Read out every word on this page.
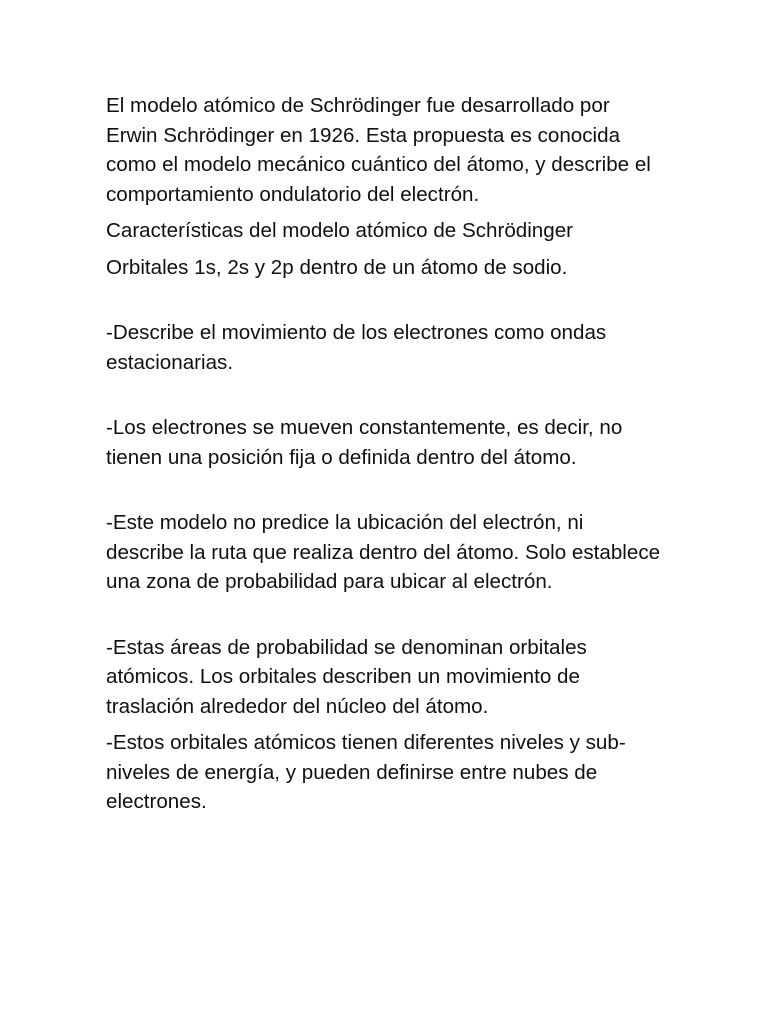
El modelo atómico de Schrödinger fue desarrollado por Erwin Schrödinger en 1926. Esta propuesta es conocida como el modelo mecánico cuántico del átomo, y describe el comportamiento ondulatorio del electrón.

Características del modelo atómico de Schrödinger

Orbitales 1s, 2s y 2p dentro de un átomo de sodio.

-Describe el movimiento de los electrones como ondas estacionarias.

-Los electrones se mueven constantemente, es decir, no tienen una posición fija o definida dentro del átomo.

-Este modelo no predice la ubicación del electrón, ni describe la ruta que realiza dentro del átomo. Solo establece una zona de probabilidad para ubicar al electrón.

-Estas áreas de probabilidad se denominan orbitales atómicos. Los orbitales describen un movimiento de traslación alrededor del núcleo del átomo.

-Estos orbitales atómicos tienen diferentes niveles y sub-niveles de energía, y pueden definirse entre nubes de electrones.
